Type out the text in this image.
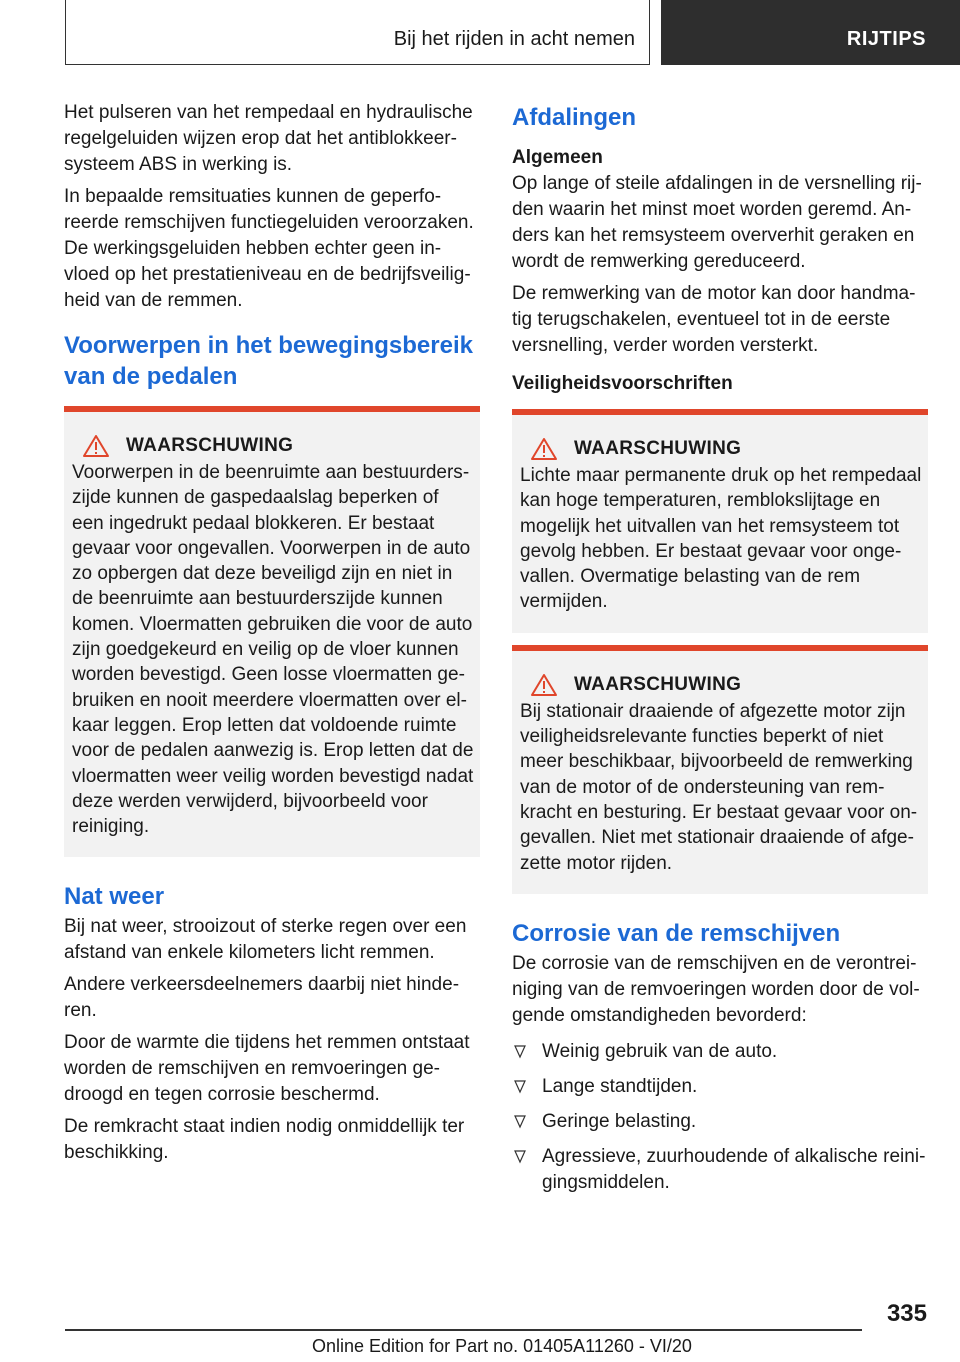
Bij het rijden in acht nemen	RIJTIPS

Het pulseren van het rempedaal en hydraulische regelgeluiden wijzen erop dat het antiblokkeersysteem ABS in werking is.

In bepaalde remsituaties kunnen de geperforeerde remschijven functiegeluiden veroorzaken. De werkingsgeluiden hebben echter geen invloed op het prestatieniveau en de bedrijfsveiligheid van de remmen.

Voorwerpen in het bewegingsbereik van de pedalen
WAARSCHUWING

Voorwerpen in de beenruimte aan bestuurderszijde kunnen de gaspedaalslag beperken of een ingedrukt pedaal blokkeren. Er bestaat gevaar voor ongevallen. Voorwerpen in de auto zo opbergen dat deze beveiligd zijn en niet in de beenruimte aan bestuurderszijde kunnen komen. Vloermatten gebruiken die voor de auto zijn goedgekeurd en veilig op de vloer kunnen worden bevestigd. Geen losse vloermatten gebruiken en nooit meerdere vloermatten over elkaar leggen. Erop letten dat voldoende ruimte voor de pedalen aanwezig is. Erop letten dat de vloermatten weer veilig worden bevestigd nadat deze werden verwijderd, bijvoorbeeld voor reiniging.

Nat weer

Bij nat weer, strooizout of sterke regen over een afstand van enkele kilometers licht remmen.

Andere verkeersdeelnemers daarbij niet hinderen.

Door de warmte die tijdens het remmen ontstaat worden de remschijven en remvoeringen gedroogd en tegen corrosie beschermd.

De remkracht staat indien nodig onmiddellijk ter beschikking.

Afdalingen
Algemeen

Op lange of steile afdalingen in de versnelling rijden waarin het minst moet worden geremd. Anders kan het remsysteem oververhit geraken en wordt de remwerking gereduceerd.

De remwerking van de motor kan door handmatig terugschakelen, eventueel tot in de eerste versnelling, verder worden versterkt.

Veiligheidsvoorschriften
WAARSCHUWING

Lichte maar permanente druk op het rempedaal kan hoge temperaturen, remblokslijtage en mogelijk het uitvallen van het remsysteem tot gevolg hebben. Er bestaat gevaar voor ongevallen. Overmatige belasting van de rem vermijden.

WAARSCHUWING

Bij stationair draaiende of afgezette motor zijn veiligheidsrelevante functies beperkt of niet meer beschikbaar, bijvoorbeeld de remwerking van de motor of de ondersteuning van remkracht en besturing. Er bestaat gevaar voor ongevallen. Niet met stationair draaiende of afgezette motor rijden.

Corrosie van de remschijven

De corrosie van de remschijven en de verontreiniging van de remvoeringen worden door de volgende omstandigheden bevorderd:

Weinig gebruik van de auto.
Lange standtijden.
Geringe belasting.
Agressieve, zuurhoudende of alkalische reinigingsmiddelen.
335
Online Edition for Part no. 01405A11260 - VI/20
